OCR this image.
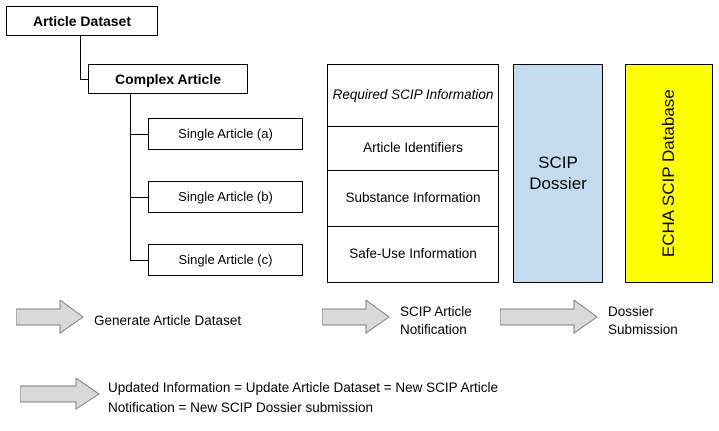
Article Dataset
Complex Article
Single Article (a)
Single Article (b)
Single Article (c)
Required SCIP Information
Article Identifiers
Substance Information
Safe-Use Information
SCIP Dossier	ECHA SCIP Database
Generate Article Dataset
SCIP Article Notification
Dossier Submission
Updated Information = Update Article Dataset = New SCIP Article
Notification = New SCIP Dossier submission
